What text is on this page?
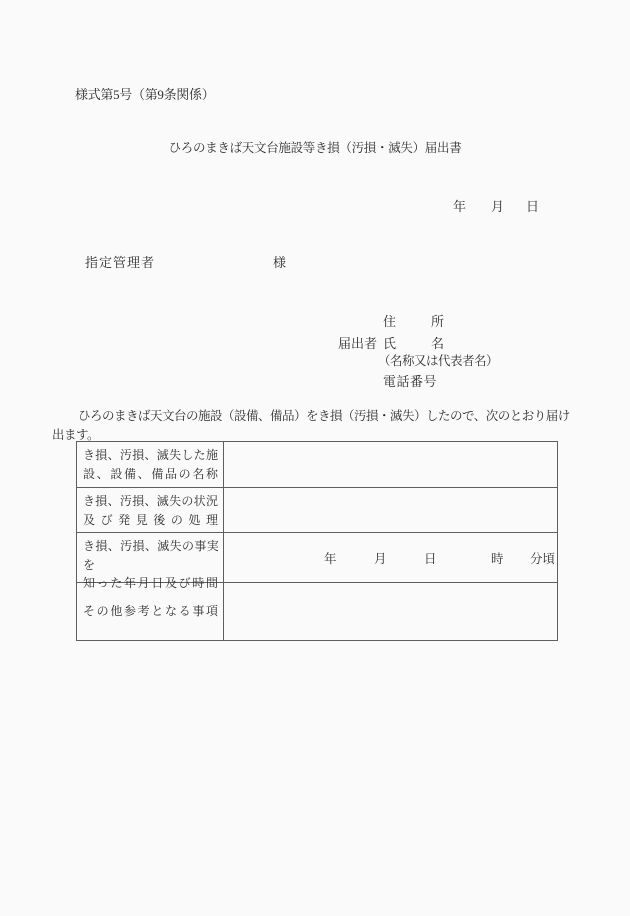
様式第5号（第9条関係）
ひろのまきば天文台施設等き損（汚損・滅失）届出書
年 月 日
指定管理者	様
住	所
届出者 氏	名
（名称又は代表者名）
電話番号
　ひろのまきば天文台の施設（設備、備品）をき損（汚損・滅失）したので、次のとおり届け
出ます。
き損、汚損、滅失した施
設、設備、備品の名称
き損、汚損、滅失の状況
及び発見後の処理
き損、汚損、滅失の事実を
知った年月日及び時間
年	月	日	時 分頃
その他参考となる事項
